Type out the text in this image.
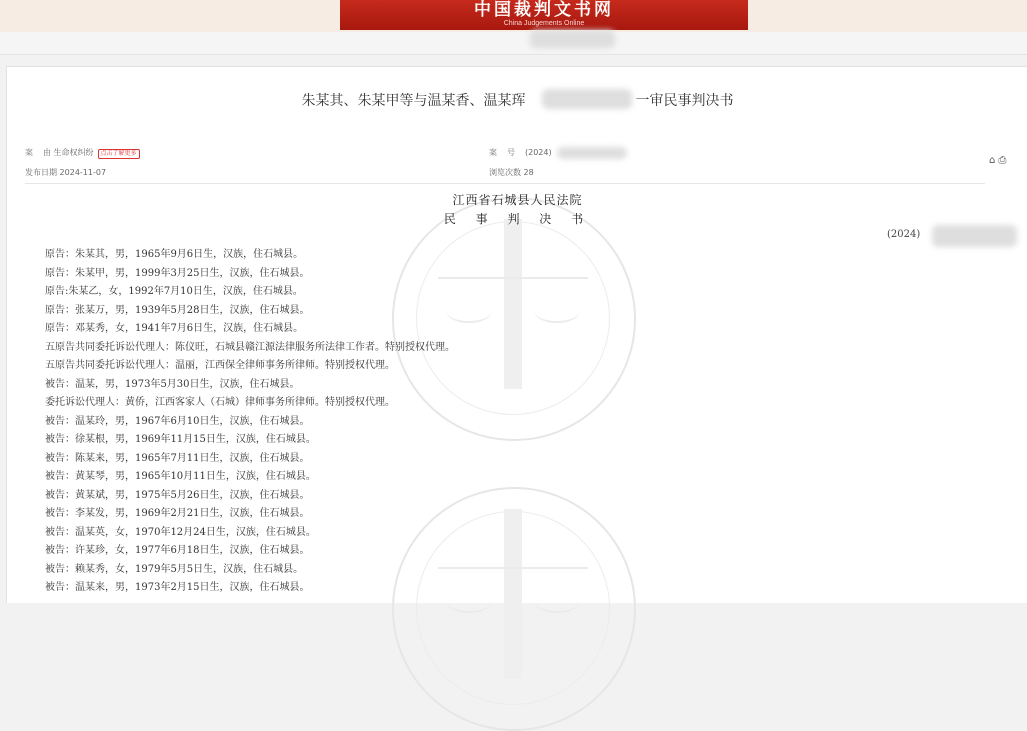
中国裁判文书网
China Judgements Online
朱某其、朱某甲等与温某香、温某珲	一审民事判决书
案 由 生命权纠纷 点击了解更多	案 号 (2024)
发布日期 2024-11-07	浏览次数 28
⌂ ⎙
江西省石城县人民法院
民 事 判 决 书
(2024)
原告：朱某其，男，1965年9月6日生，汉族，住石城县。
原告：朱某甲，男，1999年3月25日生，汉族，住石城县。
原告:朱某乙，女，1992年7月10日生，汉族，住石城县。
原告：张某万，男，1939年5月28日生，汉族，住石城县。
原告：邓某秀，女，1941年7月6日生，汉族，住石城县。
五原告共同委托诉讼代理人：陈仪旺，石城县赣江源法律服务所法律工作者。特别授权代理。
五原告共同委托诉讼代理人：温丽，江西保全律师事务所律师。特别授权代理。
被告：温某，男，1973年5月30日生，汉族，住石城县。
委托诉讼代理人：黄侨，江西客家人（石城）律师事务所律师。特别授权代理。
被告：温某玲，男，1967年6月10日生，汉族，住石城县。
被告：徐某根，男，1969年11月15日生，汉族，住石城县。
被告：陈某来，男，1965年7月11日生，汉族，住石城县。
被告：黄某琴，男，1965年10月11日生，汉族，住石城县。
被告：黄某斌，男，1975年5月26日生，汉族，住石城县。
被告：李某发，男，1969年2月21日生，汉族，住石城县。
被告：温某英，女，1970年12月24日生，汉族，住石城县。
被告：许某珍，女，1977年6月18日生，汉族，住石城县。
被告：赖某秀，女，1979年5月5日生，汉族，住石城县。
被告：温某来，男，1973年2月15日生，汉族，住石城县。
